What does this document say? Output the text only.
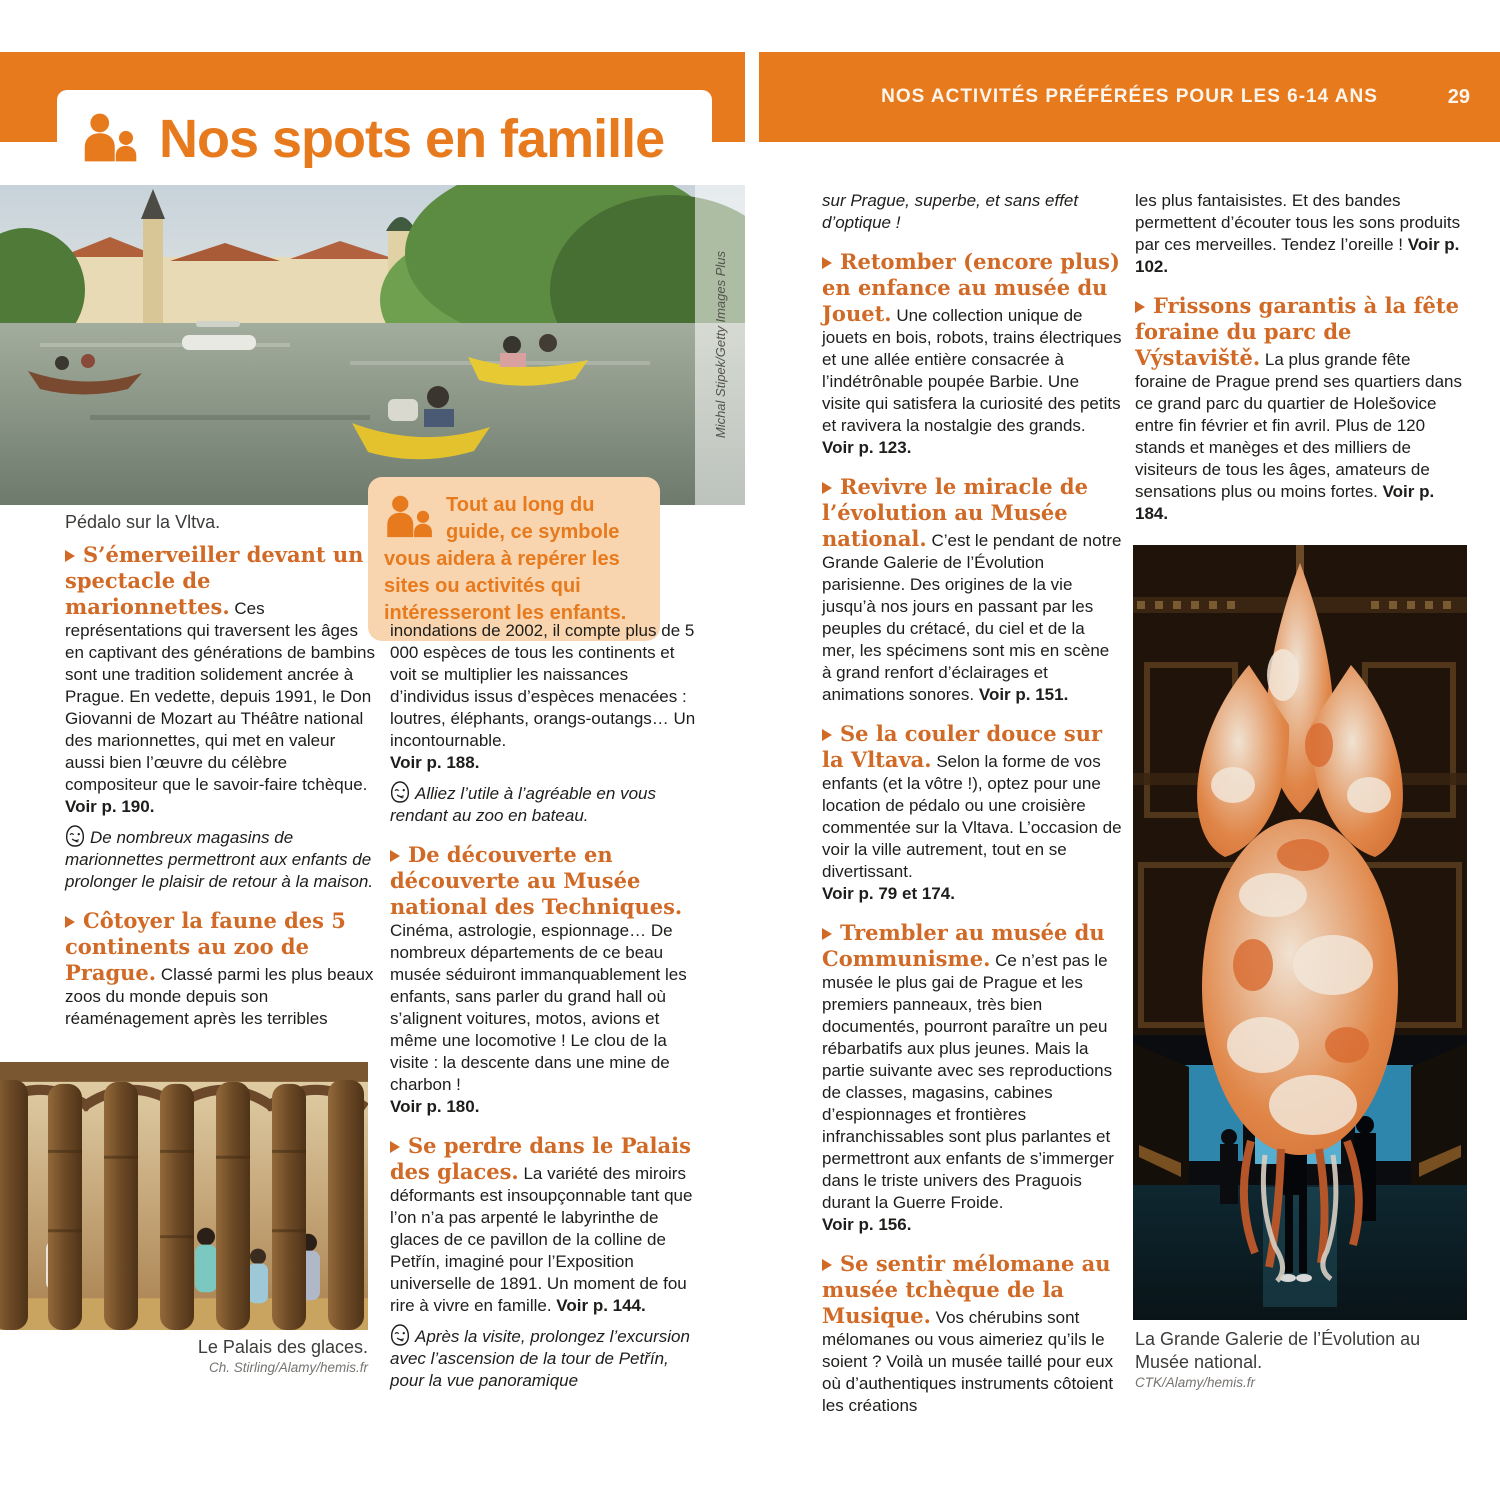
Nos spots en famille
NOS ACTIVITÉS PRÉFÉRÉES POUR LES 6-14 ANS	29
Michal Stipek/Getty Images Plus
Pédalo sur la Vltva.
Tout au long du guide, ce symbole vous aidera à repérer les sites ou activités qui intéresseront les enfants.

S’émerveiller devant un spectacle de marionnettes. Ces représentations qui traversent les âges en captivant des générations de bambins sont une tradition solidement ancrée à Prague. En vedette, depuis 1991, le Don Giovanni de Mozart au Théâtre national des marionnettes, qui met en valeur aussi bien l’œuvre du célèbre compositeur que le savoir-faire tchèque.

Voir p. 190.

De nombreux magasins de marionnettes permettront aux enfants de prolonger le plaisir de retour à la maison.

Côtoyer la faune des 5 continents au zoo de Prague. Classé parmi les plus beaux zoos du monde depuis son réaménagement après les terribles

Le Palais des glaces.
Ch. Stirling/Alamy/hemis.fr

inondations de 2002, il compte plus de 5 000 espèces de tous les continents et voit se multiplier les naissances d’individus issus d’espèces menacées : loutres, éléphants, orangs-outangs… Un incontournable.

Voir p. 188.

Alliez l’utile à l’agréable en vous rendant au zoo en bateau.

De découverte en découverte au Musée national des Techniques. Cinéma, astrologie, espionnage… De nombreux départements de ce beau musée séduiront immanquablement les enfants, sans parler du grand hall où s’alignent voitures, motos, avions et même une locomotive ! Le clou de la visite : la descente dans une mine de charbon !

Voir p. 180.

Se perdre dans le Palais des glaces. La variété des miroirs déformants est insoupçonnable tant que l’on n’a pas arpenté le labyrinthe de glaces de ce pavillon de la colline de Petřín, imaginé pour l’Exposition universelle de 1891. Un moment de fou rire à vivre en famille. Voir p. 144.

Après la visite, prolongez l’excursion avec l’ascension de la tour de Petřín, pour la vue panoramique

sur Prague, superbe, et sans effet d’optique !

Retomber (encore plus) en enfance au musée du Jouet. Une collection unique de jouets en bois, robots, trains électriques et une allée entière consacrée à l’indétrônable poupée Barbie. Une visite qui satisfera la curiosité des petits et ravivera la nostalgie des grands. Voir p. 123.

Revivre le miracle de l’évolution au Musée national. C’est le pendant de notre Grande Galerie de l’Évolution parisienne. Des origines de la vie jusqu’à nos jours en passant par les peuples du crétacé, du ciel et de la mer, les spécimens sont mis en scène à grand renfort d’éclairages et animations sonores. Voir p. 151.

Se la couler douce sur la Vltava. Selon la forme de vos enfants (et la vôtre !), optez pour une location de pédalo ou une croisière commentée sur la Vltava. L’occasion de voir la ville autrement, tout en se divertissant.

Voir p. 79 et 174.

Trembler au musée du Communisme. Ce n’est pas le musée le plus gai de Prague et les premiers panneaux, très bien documentés, pourront paraître un peu rébarbatifs aux plus jeunes. Mais la partie suivante avec ses reproductions de classes, magasins, cabines d’espionnages et frontières infranchissables sont plus parlantes et permettront aux enfants de s’immerger dans le triste univers des Praguois durant la Guerre Froide.

Voir p. 156.

Se sentir mélomane au musée tchèque de la Musique. Vos chérubins sont mélomanes ou vous aimeriez qu’ils le soient ? Voilà un musée taillé pour eux où d’authentiques instruments côtoient les créations

les plus fantaisistes. Et des bandes permettent d’écouter tous les sons produits par ces merveilles. Tendez l’oreille ! Voir p. 102.

Frissons garantis à la fête foraine du parc de Výstaviště. La plus grande fête foraine de Prague prend ses quartiers dans ce grand parc du quartier de Holešovice entre fin février et fin avril. Plus de 120 stands et manèges et des milliers de visiteurs de tous les âges, amateurs de sensations plus ou moins fortes. Voir p. 184.

La Grande Galerie de l’Évolution au Musée national.
CTK/Alamy/hemis.fr
